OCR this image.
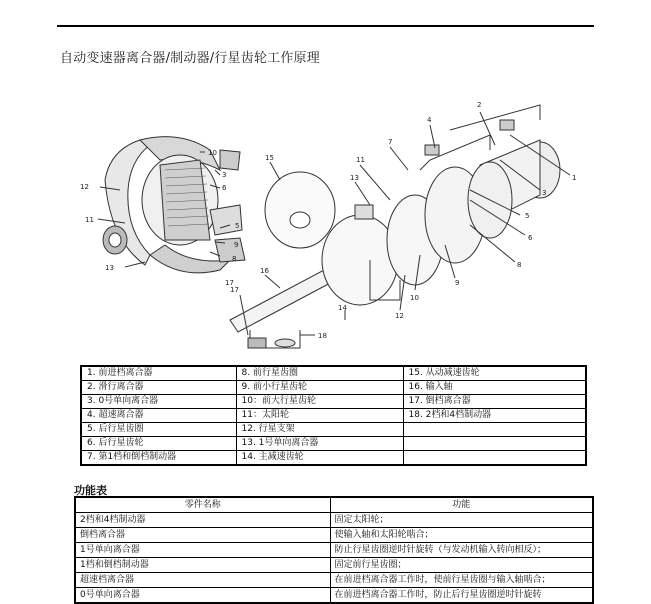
自动变速器离合器/制动器/行星齿轮工作原理
10
3
6
12
5
11
9
8
13
17
1
2
3
4
5
6
7
8
9
10
11
12
13
14
15
16
17
18
1. 前进档离合器	8. 前行星齿圈	15. 从动减速齿轮
2. 滑行离合器	9. 前小行星齿轮	16. 输入轴
3. 0号单向离合器	10：前大行星齿轮	17. 倒档离合器
4. 超速离合器	11：太阳轮	18. 2档和4档制动器
5. 后行星齿圈	12. 行星支架	
6. 后行星齿轮	13. 1号单向离合器	
7. 第1档和倒档制动器	14. 主减速齿轮	
功能表
零件名称	功能
2档和4档制动器	固定太阳轮；
倒档离合器	使输入轴和太阳轮啮合；
1号单向离合器	防止行星齿圈逆时针旋转（与发动机输入转向相反）；
1档和倒档制动器	固定前行星齿圈；
超速档离合器	在前进档离合器工作时，使前行星齿圈与输入轴啮合；
0号单向离合器	在前进档离合器工作时，防止后行星齿圈逆时针旋转
